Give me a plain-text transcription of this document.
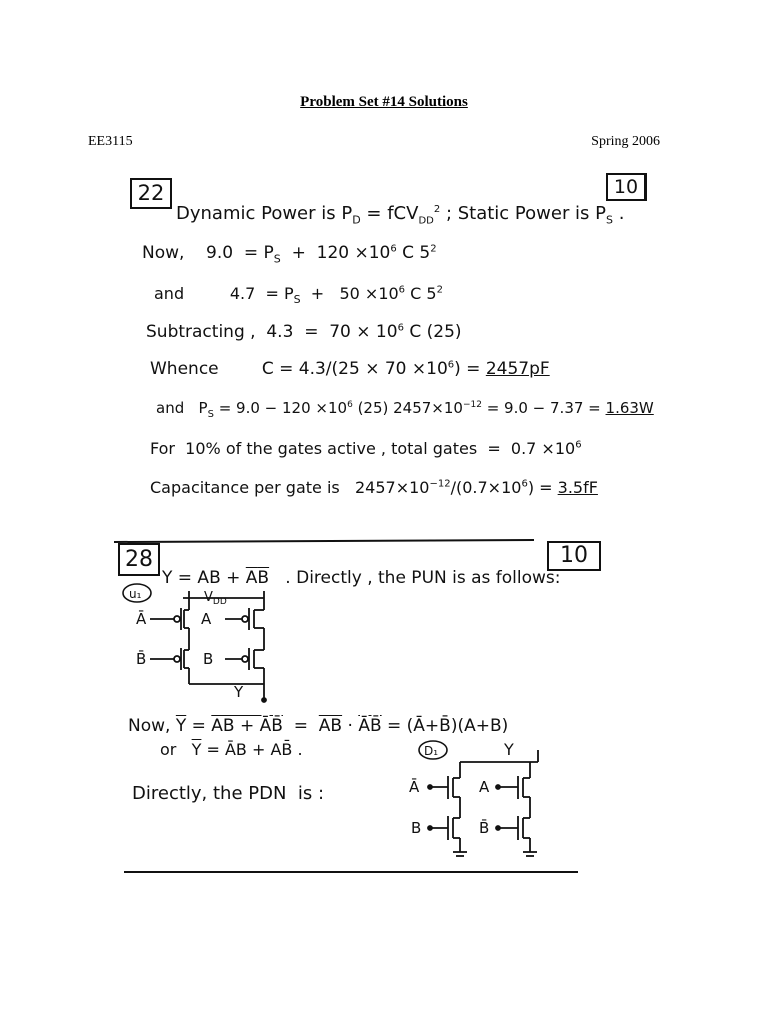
Problem Set #14 Solutions
EE3115	Spring 2006
22	10
Dynamic Power is $P_D = fCV_{DD}^2$ ; Static Power is $P_S$ .
Now,    $9.0 = P_S + 120 \times 10^6$ C $5^2$
and         $4.7 = P_S + 50 \times 10^6$ C $5^2$
Subtracting ,  $4.3 = 70 \times 10^6$ C (25)
Whence        $C = 4.3/(25 \times 70 \times 10^6) = 2457pF$
and   $P_S = 9.0 - 120 \times 10^6$ (25) $2457\times 10^{-12} = 9.0 - 7.37 = 1.63W$
For  10% of the gates active , total gates  =  $0.7 \times 10^6$
Capacitance per gate is   $2457\times 10^{-12}/(0.7\times 10^6) = 3.5fF$
28	10
Y = AB + $\overline{A}\overline{B}$   . Directly , the PUN is as follows:
Now, $\overline{Y}$ = AB + ĀB̄  =  $\overline{AB}$ · ĀB̄ = (Ā+B̄)(A+B)
or   $\overline{Y}$ = ĀB + AB̄ .
Directly, the PDN  is :
u₁	$V_{DD}$
Ā	A
B̄	B
Y
D₁	Y
Ā	A
B	B̄
